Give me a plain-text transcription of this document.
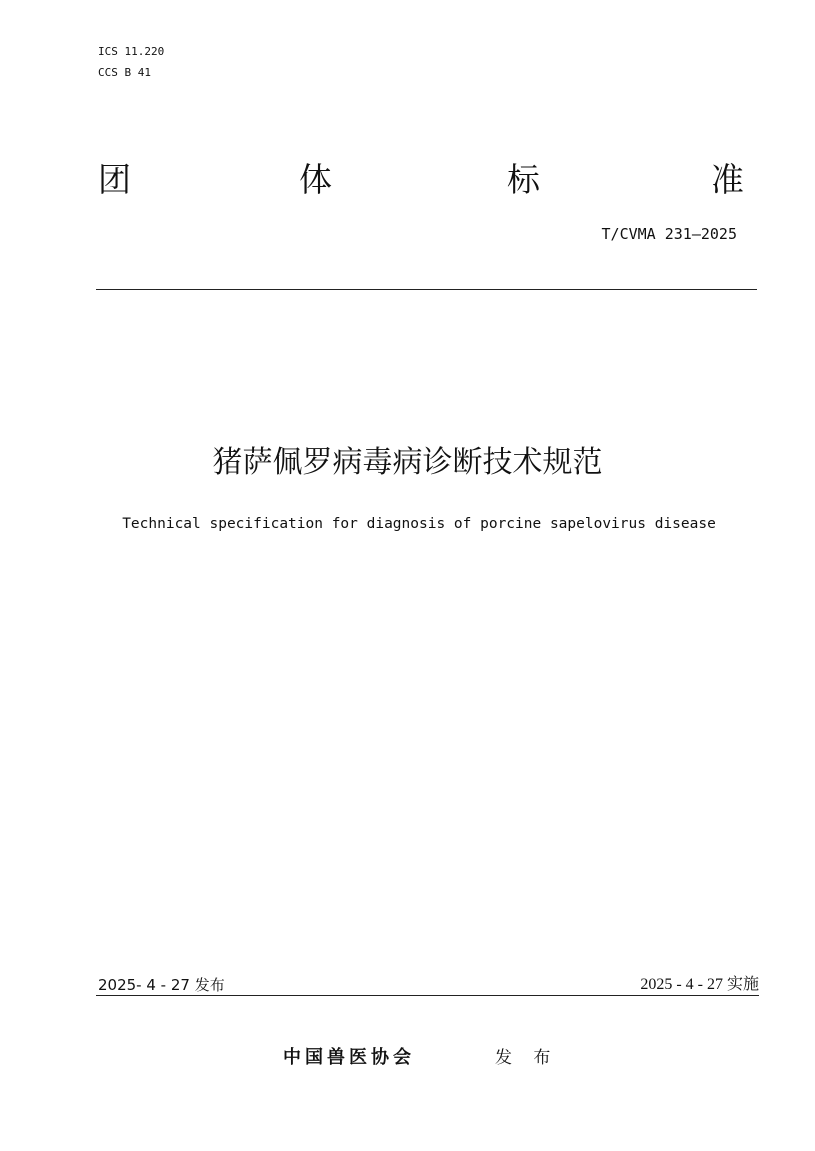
ICS 11.220
CCS B 41
团	体	标	准
T/CVMA 231—2025
猪萨佩罗病毒病诊断技术规范
Technical specification for diagnosis of porcine sapelovirus disease
2025- 4 - 27 发布	2025 - 4 - 27 实施
中国兽医协会	发 布
